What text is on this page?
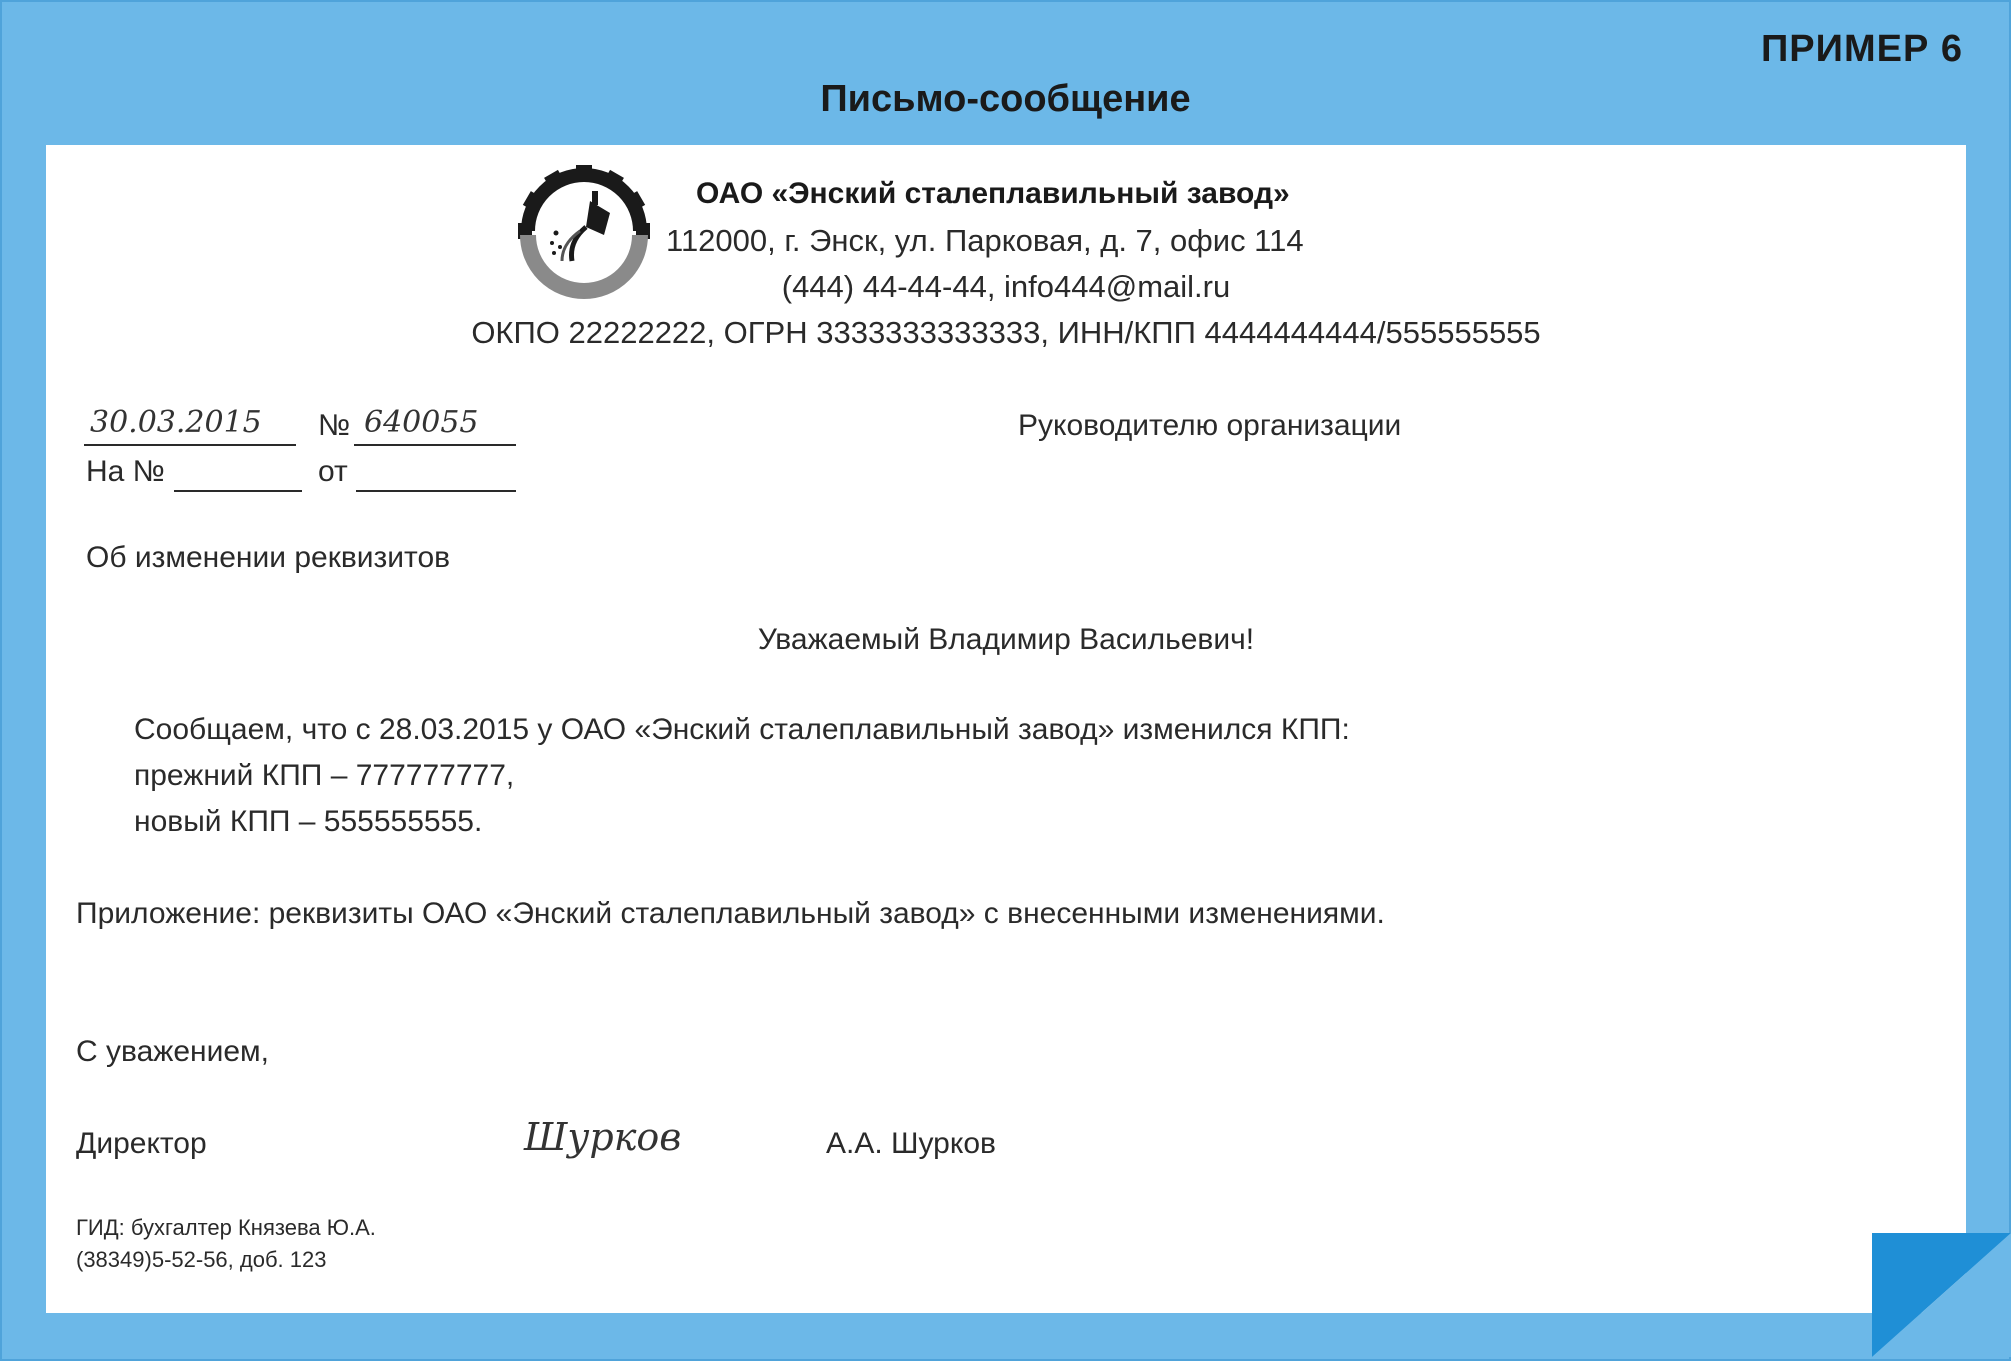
ПРИМЕР 6
Письмо-сообщение
ОАО «Энский сталеплавильный завод»
112000, г. Энск, ул. Парковая, д. 7, офис 114
(444) 44-44-44, info444@mail.ru
ОКПО 22222222, ОГРН 3333333333333, ИНН/КПП 4444444444/555555555
30.03.2015 № 640055
На №	от
Руководителю организации
Об изменении реквизитов
Уважаемый Владимир Васильевич!
Сообщаем, что с 28.03.2015 у ОАО «Энский сталеплавильный завод» изменился КПП:
прежний КПП – 777777777,
новый КПП – 555555555.
Приложение: реквизиты ОАО «Энский сталеплавильный завод» с внесенными изменениями.
С уважением,
Директор	Шурков	А.А. Шурков
ГИД: бухгалтер Князева Ю.А.
(38349)5-52-56, доб. 123
